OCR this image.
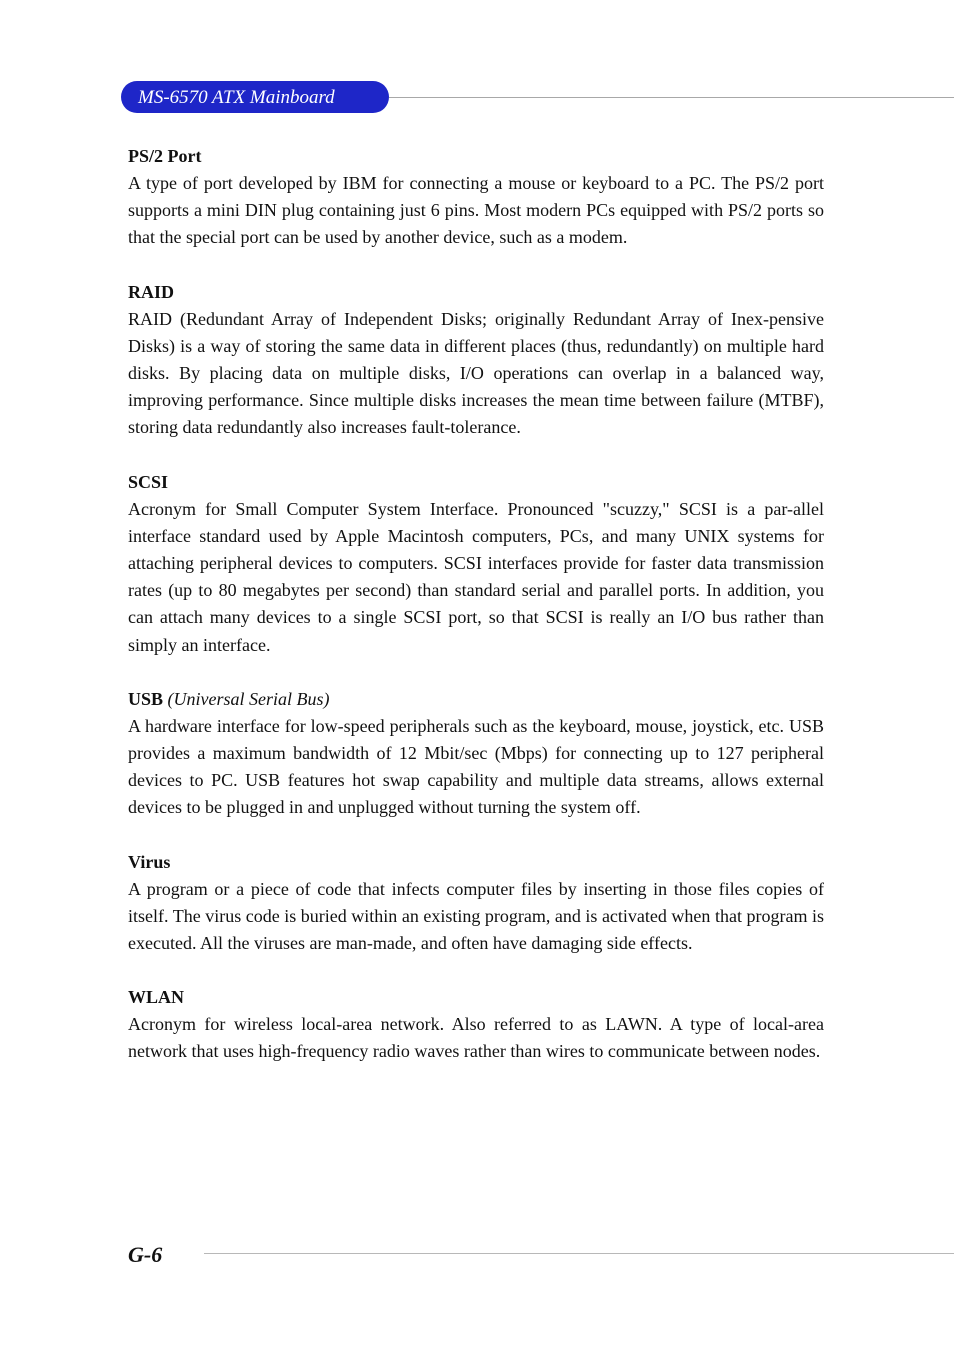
MS-6570 ATX Mainboard
PS/2 Port
A type of port developed by IBM for connecting a mouse or keyboard to a PC. The PS/2 port supports a mini DIN plug containing just 6 pins. Most modern PCs equipped with PS/2 ports so that the special port can be used by another device, such as a modem.
RAID
RAID (Redundant Array of Independent Disks; originally Redundant Array of Inex-pensive Disks) is a way of storing the same data in different places (thus, redundantly) on multiple hard disks. By placing data on multiple disks, I/O operations can overlap in a balanced way, improving performance. Since multiple disks increases the mean time between failure (MTBF), storing data redundantly also increases fault-tolerance.
SCSI
Acronym for Small Computer System Interface. Pronounced "scuzzy," SCSI is a par-allel interface standard used by Apple Macintosh computers, PCs, and many UNIX systems for attaching peripheral devices to computers. SCSI interfaces provide for faster data transmission rates (up to 80 megabytes per second) than standard serial and parallel ports. In addition, you can attach many devices to a single SCSI port, so that SCSI is really an I/O bus rather than simply an interface.
USB (Universal Serial Bus)
A hardware interface for low-speed peripherals such as the keyboard, mouse, joystick, etc. USB provides a maximum bandwidth of 12 Mbit/sec (Mbps) for connecting up to 127 peripheral devices to PC. USB features hot swap capability and multiple data streams, allows external devices to be plugged in and unplugged without turning the system off.
Virus
A program or a piece of code that infects computer files by inserting in those files copies of itself. The virus code is buried within an existing program, and is activated when that program is executed. All the viruses are man-made, and often have damaging side effects.
WLAN
Acronym for wireless local-area network. Also referred to as LAWN. A type of local-area network that uses high-frequency radio waves rather than wires to communicate between nodes.
G-6
